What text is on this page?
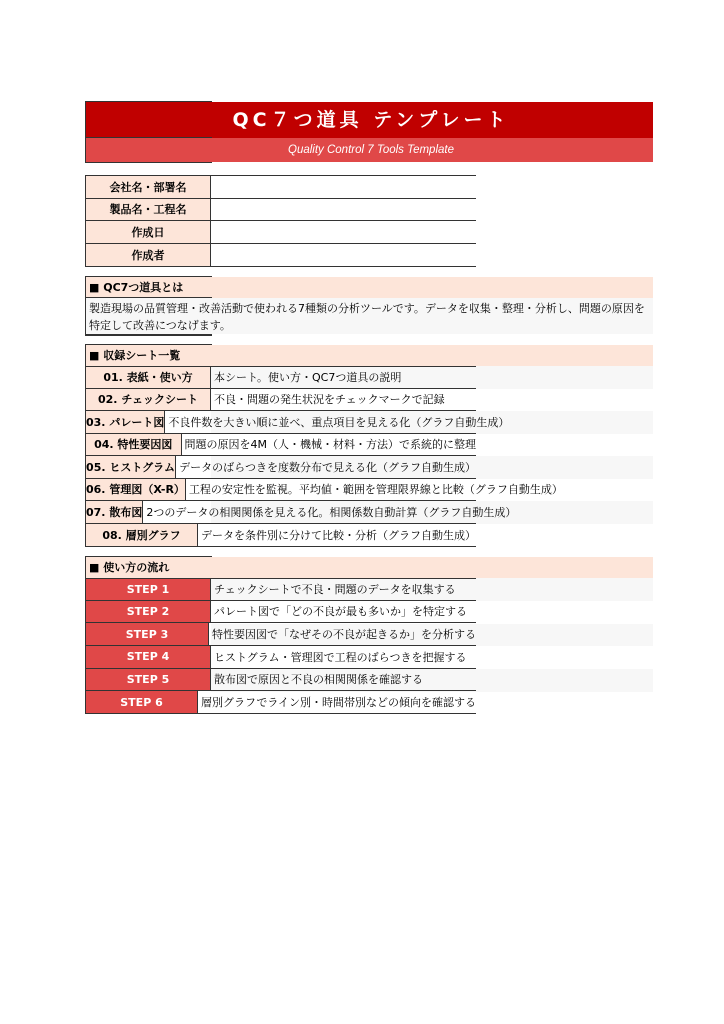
QC７つ道具 テンプレート
Quality Control 7 Tools Template
会社名・部署名
製品名・工程名
作成日
作成者
■ QC7つ道具とは
製造現場の品質管理・改善活動で使われる7種類の分析ツールです。データを収集・整理・分析し、問題の原因を特定して改善につなげます。
■ 収録シート一覧
01. 表紙・使い方	本シート。使い方・QC7つ道具の説明
02. チェックシート	不良・問題の発生状況をチェックマークで記録
03. パレート図 不良件数を大きい順に並べ、重点項目を見える化（グラフ自動生成）
04. 特性要因図	問題の原因を4M（人・機械・材料・方法）で系統的に整理
05. ヒストグラム データのばらつきを度数分布で見える化（グラフ自動生成）
06. 管理図（X-R） 工程の安定性を監視。平均値・範囲を管理限界線と比較（グラフ自動生成）
07. 散布図 2つのデータの相関関係を見える化。相関係数自動計算（グラフ自動生成）
08. 層別グラフ	データを条件別に分けて比較・分析（グラフ自動生成）
■ 使い方の流れ
STEP 1	チェックシートで不良・問題のデータを収集する
STEP 2	パレート図で「どの不良が最も多いか」を特定する
STEP 3	特性要因図で「なぜその不良が起きるか」を分析する
STEP 4	ヒストグラム・管理図で工程のばらつきを把握する
STEP 5	散布図で原因と不良の相関関係を確認する
STEP 6	層別グラフでライン別・時間帯別などの傾向を確認する
